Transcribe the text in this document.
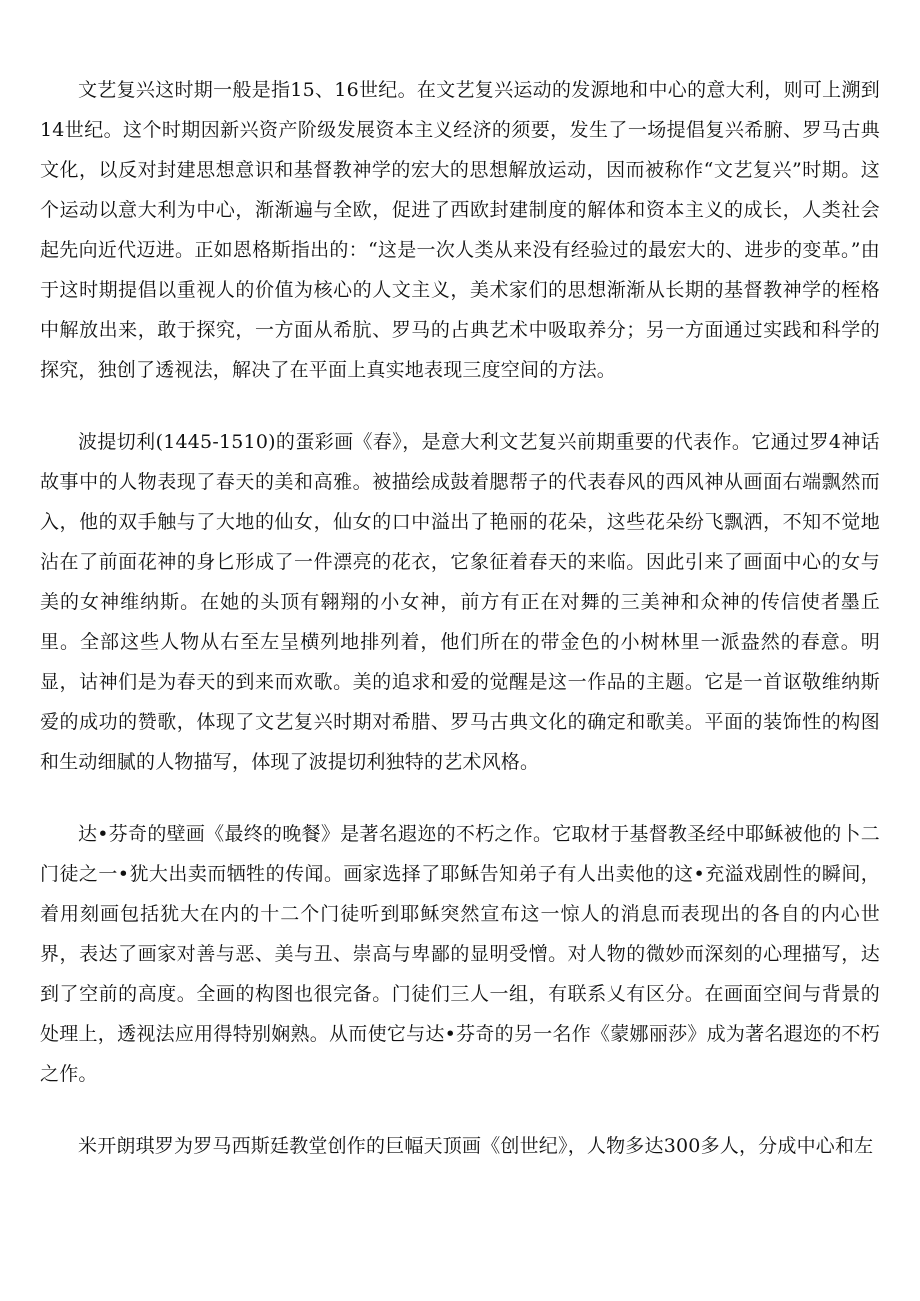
文艺复兴这时期一般是指15、16世纪。在文艺复兴运动的发源地和中心的意大利，则可上溯到14世纪。这个时期因新兴资产阶级发展资本主义经济的须要，发生了一场提倡复兴希腑、罗马古典文化，以反对封建思想意识和基督教神学的宏大的思想解放运动，因而被称作“文艺复兴”时期。这个运动以意大利为中心，渐渐遍与全欧，促进了西欧封建制度的解体和资本主义的成长，人类社会起先向近代迈进。正如恩格斯指出的：“这是一次人类从来没有经验过的最宏大的、进步的变革。”由于这时期提倡以重视人的价值为核心的人文主义，美术家们的思想渐渐从长期的基督教神学的桎格中解放出来，敢于探究，一方面从希肮、罗马的占典艺术中吸取养分；另一方面通过实践和科学的探究，独创了透视法，解决了在平面上真实地表现三度空间的方法。

波提切利(1445-1510)的蛋彩画《春》，是意大利文艺复兴前期重要的代表作。它通过罗4神话故事中的人物表现了春天的美和高雅。被描绘成鼓着腮帮子的代表春风的西风神从画面右端飘然而入，他的双手触与了大地的仙女，仙女的口中溢出了艳丽的花朵，这些花朵纷飞飘洒，不知不觉地沾在了前面花神的身匕形成了一件漂亮的花衣，它象征着春天的来临。因此引来了画面中心的女与美的女神维纳斯。在她的头顶有翱翔的小女神，前方有正在对舞的三美神和众神的传信使者墨丘里。全部这些人物从右至左呈横列地排列着，他们所在的带金色的小树林里一派盎然的春意。明显，诂神们是为春天的到来而欢歌。美的追求和爱的觉醒是这一作品的主题。它是一首讴敬维纳斯爱的成功的赞歌，体现了文艺复兴时期对希腊、罗马古典文化的确定和歌美。平面的装饰性的构图和生动细腻的人物描写，体现了波提切利独特的艺术风格。

达•芬奇的壁画《最终的晚餐》是著名遐迩的不朽之作。它取材于基督教圣经中耶稣被他的卜二门徒之一•犹大出卖而牺牲的传闻。画家选择了耶稣告知弟子有人出卖他的这•充溢戏剧性的瞬间，着用刻画包括犹大在内的十二个门徒听到耶稣突然宣布这一惊人的消息而表现出的各自的内心世界，表达了画家对善与恶、美与丑、崇高与卑鄙的显明受憎。对人物的微妙而深刻的心理描写，达到了空前的高度。全画的构图也很完备。门徒们三人一组，有联系乂有区分。在画面空间与背景的处理上，透视法应用得特别娴熟。从而使它与达•芬奇的另一名作《蒙娜丽莎》成为著名遐迩的不朽之作。

米开朗琪罗为罗马西斯廷教堂创作的巨幅天顶画《创世纪》，人物多达300多人，分成中心和左
